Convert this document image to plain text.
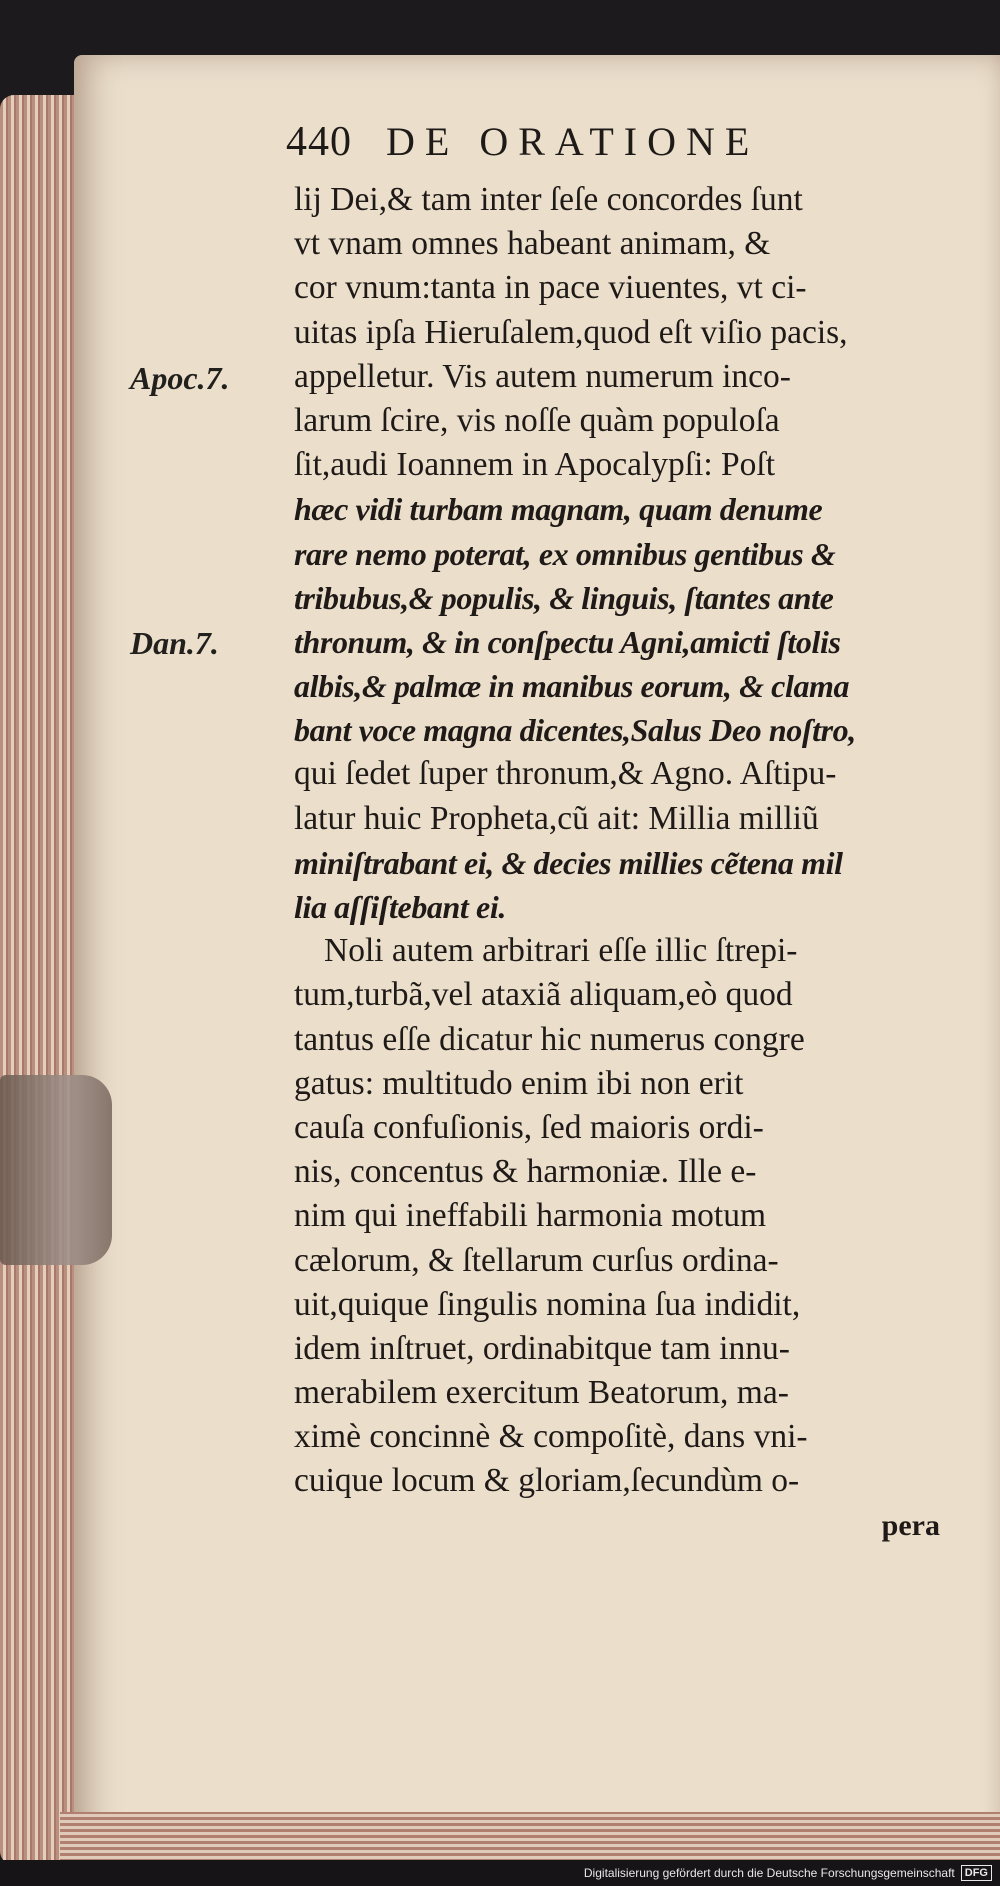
440 DE ORATIONE
Apoc.7.
Dan.7.
lij Dei,& tam inter ſeſe concordes ſunt
vt vnam omnes habeant animam, &
cor vnum:tanta in pace viuentes, vt ci-
uitas ipſa Hieruſalem,quod eſt viſio pacis,
appelletur. Vis autem numerum inco-
larum ſcire, vis noſſe quàm populoſa
ſit,audi Ioannem in Apocalypſi: Poſt
hæc vidi turbam magnam, quam denume
rare nemo poterat, ex omnibus gentibus &
tribubus,& populis, & linguis, ſtantes ante
thronum, & in conſpectu Agni,amicti ſtolis
albis,& palmæ in manibus eorum, & clama
bant voce magna dicentes,Salus Deo noſtro,
qui ſedet ſuper thronum,& Agno. Aſtipu-
latur huic Propheta,cũ ait: Millia milliũ
miniſtrabant ei, & decies millies cẽtena mil
lia aſſiſtebant ei.
Noli autem arbitrari eſſe illic ſtrepi-
tum,turbã,vel ataxiã aliquam,eò quod
tantus eſſe dicatur hic numerus congre
gatus: multitudo enim ibi non erit
cauſa confuſionis, ſed maioris ordi-
nis, concentus & harmoniæ. Ille e-
nim qui ineffabili harmonia motum
cælorum, & ſtellarum curſus ordina-
uit,quique ſingulis nomina ſua indidit,
idem inſtruet, ordinabitque tam innu-
merabilem exercitum Beatorum, ma-
ximè concinnè & compoſitè, dans vni-
cuique locum & gloriam,ſecundùm o-
pera
Digitalisierung gefördert durch die Deutsche Forschungsgemeinschaft DFG
